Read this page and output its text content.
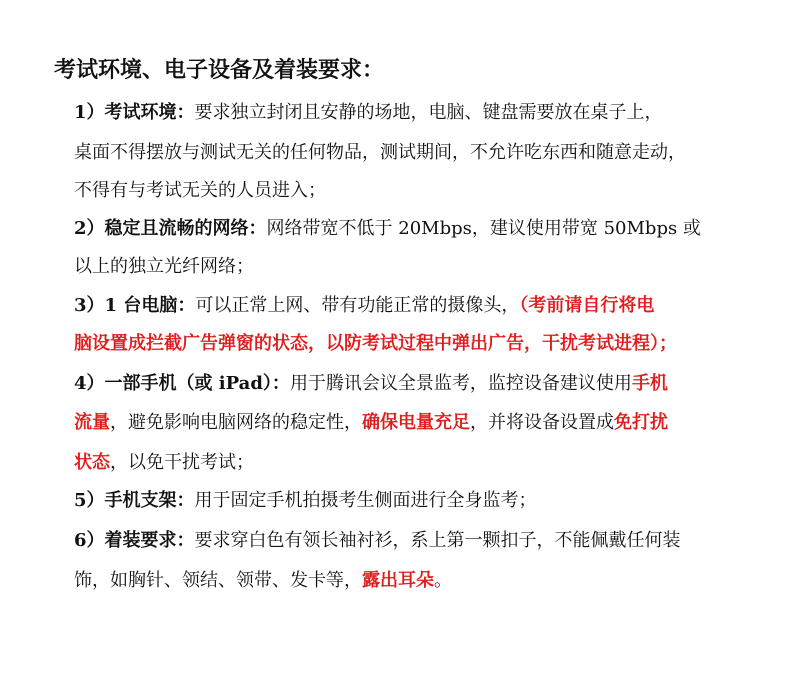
考试环境、电子设备及着装要求：
1）考试环境：要求独立封闭且安静的场地，电脑、键盘需要放在桌子上，
桌面不得摆放与测试无关的任何物品，测试期间，不允许吃东西和随意走动，
不得有与考试无关的人员进入；
2）稳定且流畅的网络：网络带宽不低于 20Mbps，建议使用带宽 50Mbps 或
以上的独立光纤网络；
3）1 台电脑：可以正常上网、带有功能正常的摄像头，（考前请自行将电
脑设置成拦截广告弹窗的状态，以防考试过程中弹出广告，干扰考试进程）；
4）一部手机（或 iPad）：用于腾讯会议全景监考，监控设备建议使用手机
流量，避免影响电脑网络的稳定性，确保电量充足，并将设备设置成免打扰
状态，以免干扰考试；
5）手机支架：用于固定手机拍摄考生侧面进行全身监考；
6）着装要求：要求穿白色有领长袖衬衫，系上第一颗扣子，不能佩戴任何装
饰，如胸针、领结、领带、发卡等，露出耳朵。
